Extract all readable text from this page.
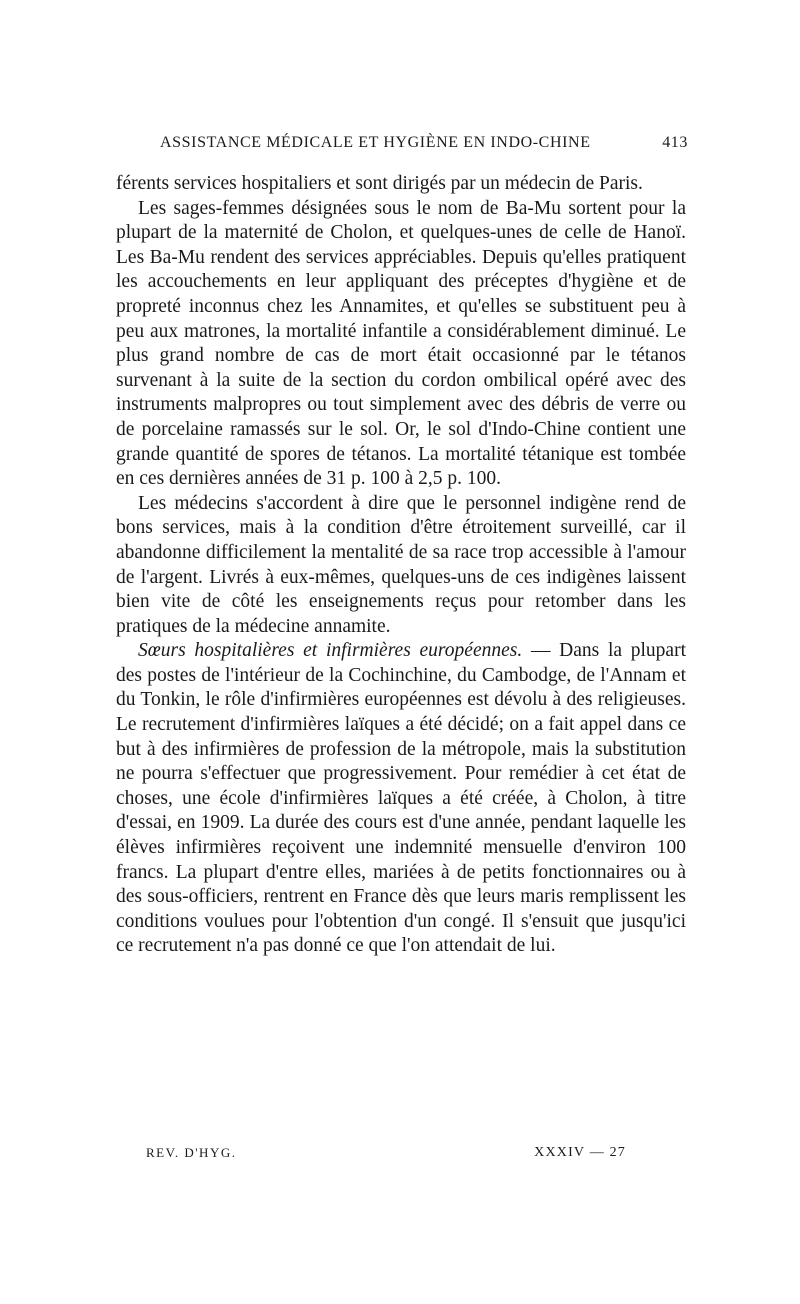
ASSISTANCE MÉDICALE ET HYGIÈNE EN INDO-CHINE	413

férents services hospitaliers et sont dirigés par un médecin de Paris.

Les sages-femmes désignées sous le nom de Ba-Mu sortent pour la plupart de la maternité de Cholon, et quelques-unes de celle de Hanoï. Les Ba-Mu rendent des services appréciables. Depuis qu'elles pratiquent les accouchements en leur appliquant des préceptes d'hygiène et de propreté inconnus chez les Annamites, et qu'elles se substituent peu à peu aux matrones, la mortalité infantile a considérablement diminué. Le plus grand nombre de cas de mort était occasionné par le tétanos survenant à la suite de la section du cordon ombilical opéré avec des instruments malpropres ou tout simplement avec des débris de verre ou de porcelaine ramassés sur le sol. Or, le sol d'Indo-Chine contient une grande quantité de spores de tétanos. La mortalité tétanique est tombée en ces dernières années de 31 p. 100 à 2,5 p. 100.

Les médecins s'accordent à dire que le personnel indigène rend de bons services, mais à la condition d'être étroitement surveillé, car il abandonne difficilement la mentalité de sa race trop accessible à l'amour de l'argent. Livrés à eux-mêmes, quelques-uns de ces indigènes laissent bien vite de côté les enseignements reçus pour retomber dans les pratiques de la médecine annamite.

Sœurs hospitalières et infirmières européennes. — Dans la plupart des postes de l'intérieur de la Cochinchine, du Cambodge, de l'Annam et du Tonkin, le rôle d'infirmières européennes est dévolu à des religieuses. Le recrutement d'infirmières laïques a été décidé; on a fait appel dans ce but à des infirmières de profession de la métropole, mais la substitution ne pourra s'effectuer que progressivement. Pour remédier à cet état de choses, une école d'infirmières laïques a été créée, à Cholon, à titre d'essai, en 1909. La durée des cours est d'une année, pendant laquelle les élèves infirmières reçoivent une indemnité mensuelle d'environ 100 francs. La plupart d'entre elles, mariées à de petits fonctionnaires ou à des sous-officiers, rentrent en France dès que leurs maris remplissent les conditions voulues pour l'obtention d'un congé. Il s'ensuit que jusqu'ici ce recrutement n'a pas donné ce que l'on attendait de lui.

REV. D'HYG.	XXXIV — 27
